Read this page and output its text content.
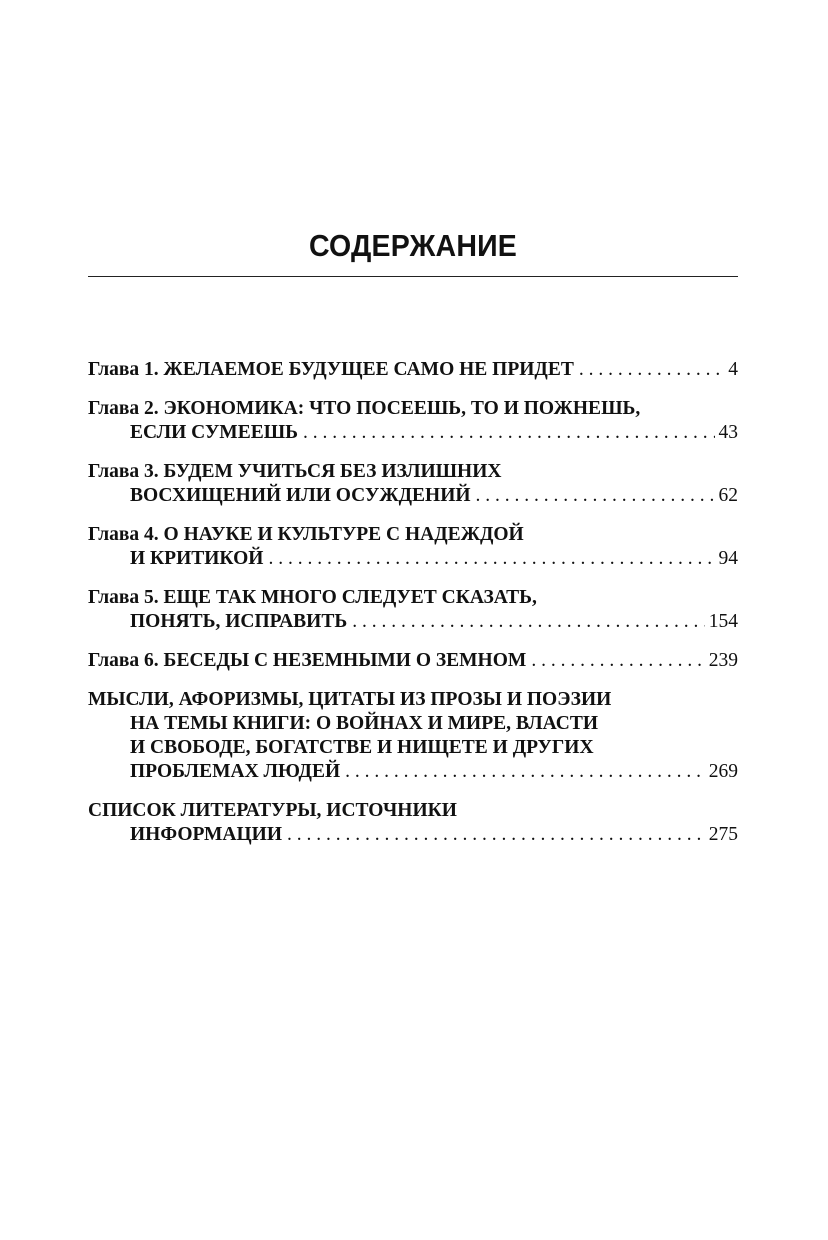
СОДЕРЖАНИЕ
Глава 1. ЖЕЛАЕМОЕ БУДУЩЕЕ САМО НЕ ПРИДЕТ . . .	4
Глава 2. ЭКОНОМИКА: ЧТО ПОСЕЕШЬ, ТО И ПОЖНЕШЬ,
ЕСЛИ СУМЕЕШЬ . . .	43
Глава 3. БУДЕМ УЧИТЬСЯ БЕЗ ИЗЛИШНИХ
ВОСХИЩЕНИЙ ИЛИ ОСУЖДЕНИЙ . . .	62
Глава 4. О НАУКЕ И КУЛЬТУРЕ С НАДЕЖДОЙ
И КРИТИКОЙ . . .	94
Глава 5. ЕЩЕ ТАК МНОГО СЛЕДУЕТ СКАЗАТЬ,
ПОНЯТЬ, ИСПРАВИТЬ . . .	154
Глава 6. БЕСЕДЫ С НЕЗЕМНЫМИ О ЗЕМНОМ . . .	239
МЫСЛИ, АФОРИЗМЫ, ЦИТАТЫ ИЗ ПРОЗЫ И ПОЭЗИИ
НА ТЕМЫ КНИГИ: О ВОЙНАХ И МИРЕ, ВЛАСТИ
И СВОБОДЕ, БОГАТСТВЕ И НИЩЕТЕ И ДРУГИХ
ПРОБЛЕМАХ ЛЮДЕЙ . . .	269
СПИСОК ЛИТЕРАТУРЫ, ИСТОЧНИКИ
ИНФОРМАЦИИ . . .	275
